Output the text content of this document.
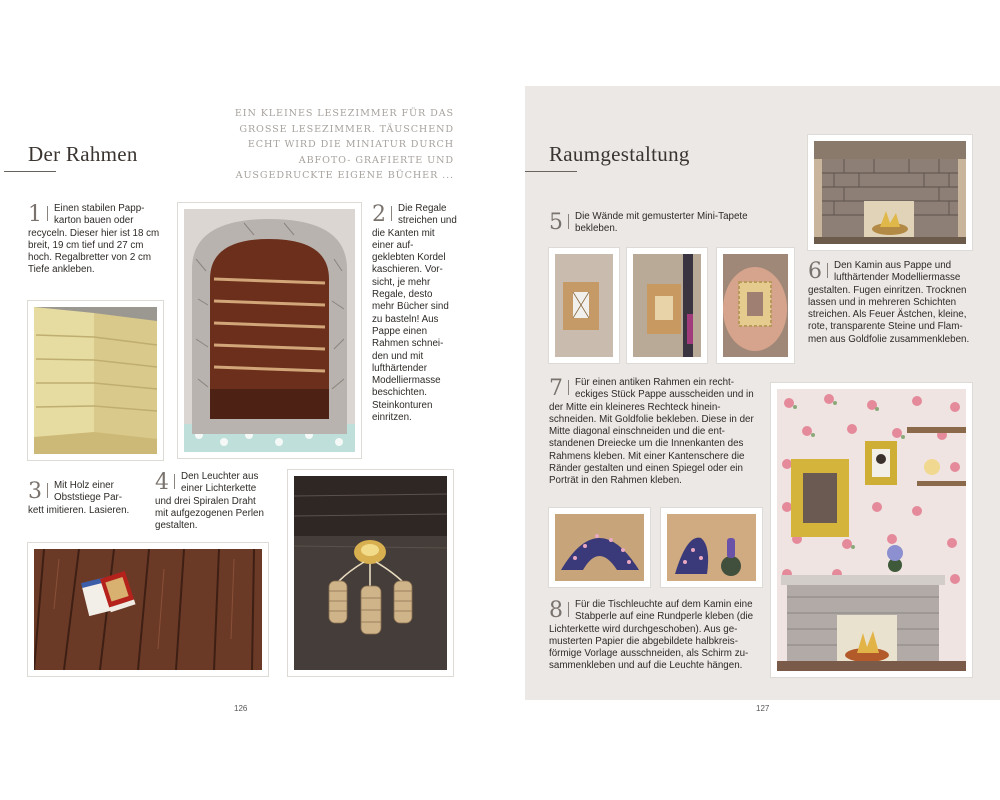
Der Rahmen
EIN KLEINES LESEZIMMER FÜR DAS GROSSE LESEZIMMER. TÄUSCHEND ECHT WIRD DIE MINIATUR DURCH ABFOTO- GRAFIERTE UND AUSGEDRUCKTE EIGENE BÜCHER ...
1 Einen stabilen Papp- karton bauen oder recyceln. Dieser hier ist 18 cm breit, 19 cm tief und 27 cm hoch. Regalbretter von 2 cm Tiefe ankleben.
2 Die Regale streichen und die Kanten mit einer auf- geklebten Kordel kaschieren. Vor- sicht, je mehr Regale, desto mehr Bücher sind zu basteln! Aus Pappe einen Rahmen schnei- den und mit lufthärtender Modelliermasse beschichten. Steinkonturen einritzen.
3 Mit Holz einer Obststiege Par- kett imitieren. Lasieren.
4 Den Leuchter aus einer Lichterkette und drei Spiralen Draht mit aufgezogenen Perlen gestalten.
126
Raumgestaltung
5 Die Wände mit gemusterter Mini-Tapete bekleben.
6 Den Kamin aus Pappe und lufthärtender Modelliermasse gestalten. Fugen einritzen. Trocknen lassen und in mehreren Schichten streichen. Als Feuer Ästchen, kleine, rote, transparente Steine und Flam- men aus Goldfolie zusammenkleben.
7 Für einen antiken Rahmen ein recht- eckiges Stück Pappe ausscheiden und in der Mitte ein kleineres Rechteck hinein- schneiden. Mit Goldfolie bekleben. Diese in der Mitte diagonal einschneiden und die ent- standenen Dreiecke um die Innenkanten des Rahmens kleben. Mit einer Kantenschere die Ränder gestalten und einen Spiegel oder ein Porträt in den Rahmen kleben.
8 Für die Tischleuchte auf dem Kamin eine Stabperle auf eine Rundperle kleben (die Lichterkette wird durchgeschoben). Aus ge- musterten Papier die abgebildete halbkreis- förmige Vorlage ausschneiden, als Schirm zu- sammenkleben und auf die Leuchte hängen.
127
